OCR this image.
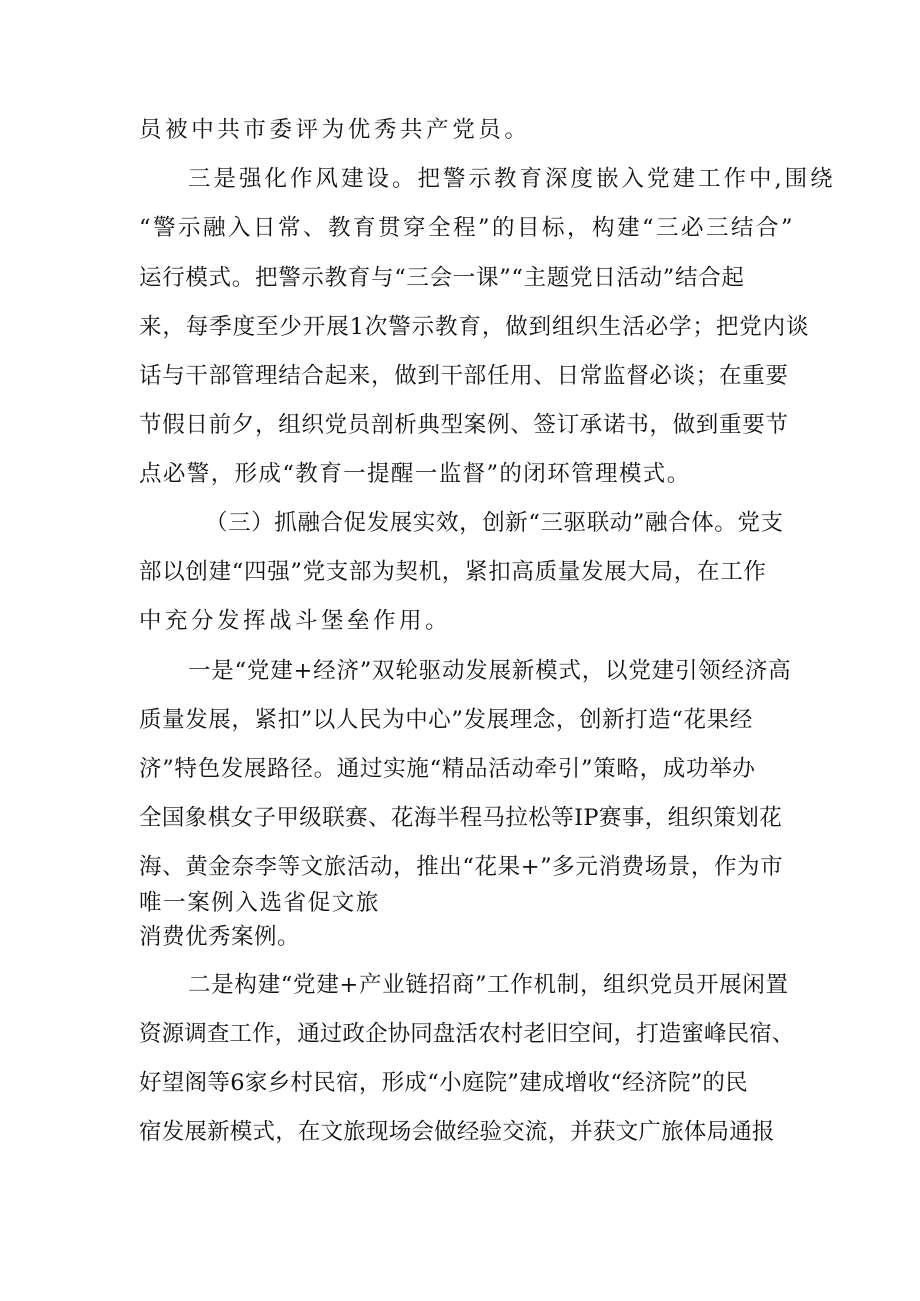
员被中共市委评为优秀共产党员。
三是强化作风建设。把警示教育深度嵌入党建工作中,围绕
“警示融入日常、教育贯穿全程”的目标，构建“三必三结合”
运行模式。把警示教育与“三会一课”“主题党日活动”结合起
来，每季度至少开展1次警示教育，做到组织生活必学；把党内谈
话与干部管理结合起来，做到干部任用、日常监督必谈；在重要
节假日前夕，组织党员剖析典型案例、签订承诺书，做到重要节
点必警，形成“教育一提醒一监督”的闭环管理模式。
（三）抓融合促发展实效，创新“三驱联动”融合体。党支
部以创建“四强”党支部为契机，紧扣高质量发展大局，在工作
中充分发挥战斗堡垒作用。
一是“党建+经济”双轮驱动发展新模式，以党建引领经济高
质量发展，紧扣”以人民为中心”发展理念，创新打造“花果经
济”特色发展路径。通过实施“精品活动牵引”策略，成功举办
全国象棋女子甲级联赛、花海半程马拉松等IP赛事，组织策划花
海、黄金奈李等文旅活动，推出“花果+”多元消费场景，作为市
唯一案例入选省促文旅
消费优秀案例。
二是构建“党建+产业链招商”工作机制，组织党员开展闲置
资源调查工作，通过政企协同盘活农村老旧空间，打造蜜峰民宿、
好望阁等6家乡村民宿，形成“小庭院”建成增收“经济院”的民
宿发展新模式，在文旅现场会做经验交流，并获文广旅体局通报
